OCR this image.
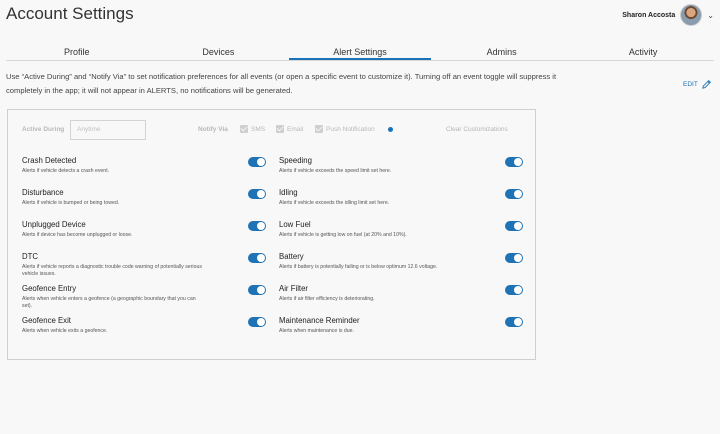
Account Settings	Sharon Accosta	⌄
Profile	Devices	Alert Settings	Admins	Activity

Use “Active During” and “Notify Via” to set notification preferences for all events (or open a specific event to customize it). Turning off an event toggle will suppress it completely in the app; it will not appear in ALERTS, no notifications will be generated.

EDIT
Active During	Anytime	Notify Via	SMS	Email	Push Notification	Clear Customizations
Crash Detected
Alerts if vehicle detects a crash event.
Disturbance
Alerts if vehicle is bumped or being towed.
Unplugged Device
Alerts if device has become unplugged or loose.
DTC
Alerts if vehicle reports a diagnostic trouble code warning of potentially serious vehicle issues.
Geofence Entry
Alerts when vehicle enters a geofence (a geographic boundary that you can set).
Geofence Exit
Alerts when vehicle exits a geofence.
Speeding
Alerts if vehicle exceeds the speed limit set here.
Idling
Alerts if vehicle exceeds the idling limit set here.
Low Fuel
Alerts if vehicle is getting low on fuel (at 20% and 10%).
Battery
Alerts if battery is potentially failing or is below optimum 12.6 voltage.
Air Filter
Alerts if air filter efficiency is deteriorating.
Maintenance Reminder
Alerts when maintenance is due.
